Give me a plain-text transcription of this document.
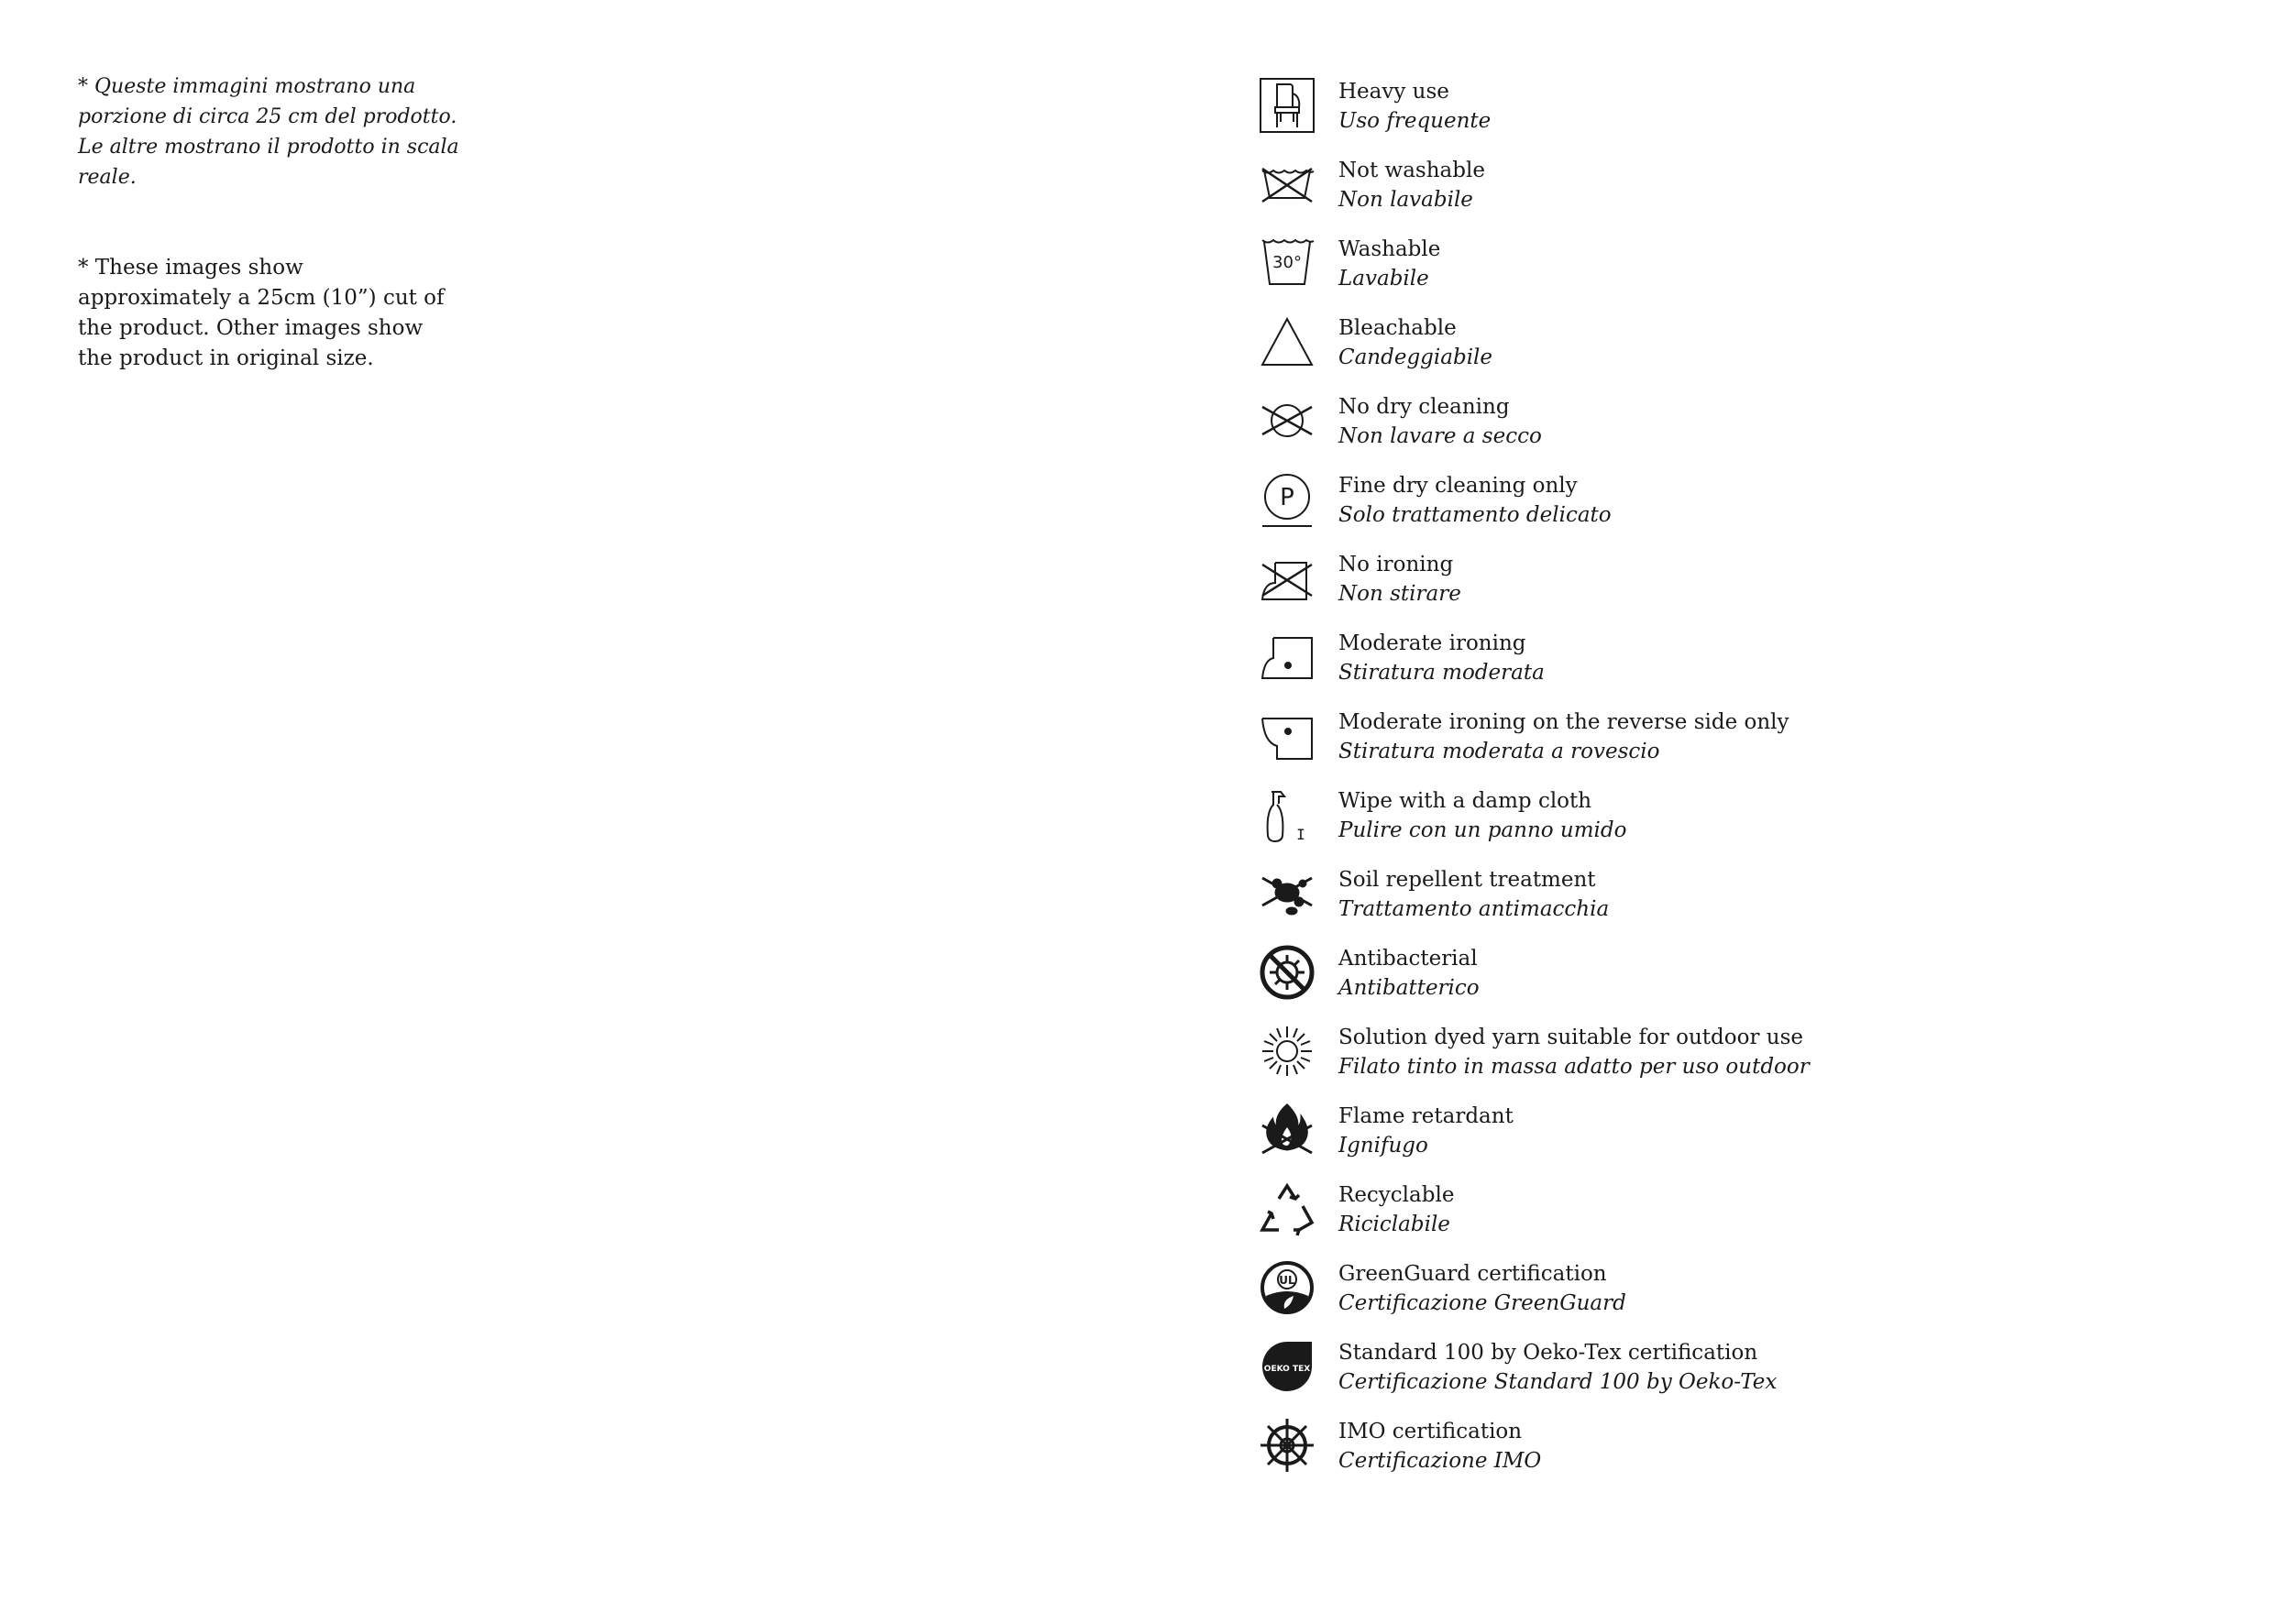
* Queste immagini mostrano una porzione di circa 25 cm del prodotto. Le altre mostrano il prodotto in scala reale.

* These images show approximately a 25cm (10”) cut of the product. Other images show the product in original size.

Heavy use
Uso frequente
Not washable
Non lavabile
30°
Washable
Lavabile
Bleachable
Candeggiabile
No dry cleaning
Non lavare a secco
P Fine dry cleaning only
Solo trattamento delicato
No ironing
Non stirare
Moderate ironing
Stiratura moderata
Moderate ironing on the reverse side only
Stiratura moderata a rovescio
I
Wipe with a damp cloth
Pulire con un panno umido
Soil repellent treatment
Trattamento antimacchia
Antibacterial
Antibatterico
Solution dyed yarn suitable for outdoor use
Filato tinto in massa adatto per uso outdoor
Flame retardant
Ignifugo
Recyclable
Riciclabile
UL GreenGuard certification
Certificazione GreenGuard
OEKO TEX
Standard 100 by Oeko-Tex certification
Certificazione Standard 100 by Oeko-Tex
IMO certification
Certificazione IMO
